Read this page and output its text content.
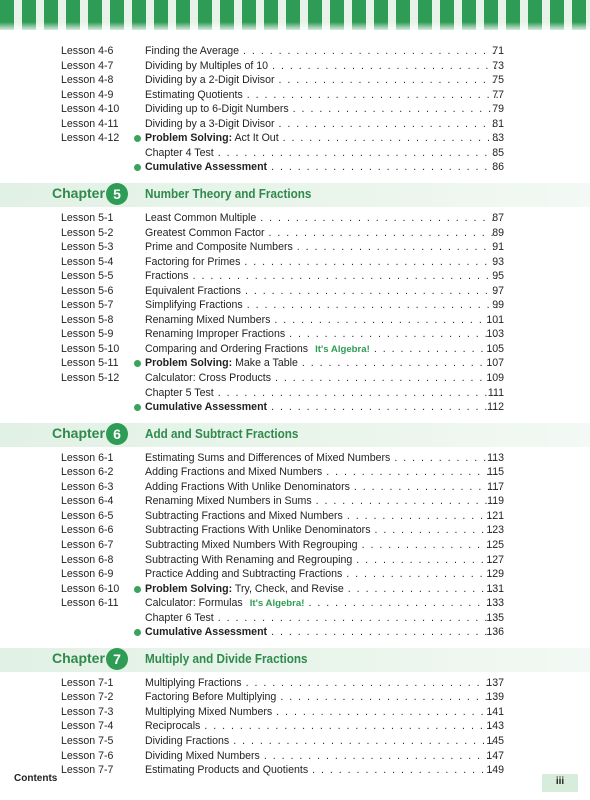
Lesson 4-6	Finding the Average . . .	71
Lesson 4-7	Dividing by Multiples of 10 . . .	73
Lesson 4-8	Dividing by a 2-Digit Divisor . . .	75
Lesson 4-9	Estimating Quotients . . .	77
Lesson 4-10 Dividing up to 6-Digit Numbers . . .	79
Lesson 4-11 Dividing by a 3-Digit Divisor . . .	81
Lesson 4-12 Problem Solving: Act It Out . . .	83
Chapter 4 Test . . .	85
Cumulative Assessment . . .	86
Chapter 5	Number Theory and Fractions
Lesson 5-1	Least Common Multiple . . .	87
Lesson 5-2	Greatest Common Factor . . .	89
Lesson 5-3	Prime and Composite Numbers . . .	91
Lesson 5-4	Factoring for Primes . . .	93
Lesson 5-5	Fractions . . .	95
Lesson 5-6	Equivalent Fractions . . .	97
Lesson 5-7	Simplifying Fractions . . .	99
Lesson 5-8	Renaming Mixed Numbers . . .	101
Lesson 5-9	Renaming Improper Fractions . . .	103
Lesson 5-10 Comparing and Ordering Fractions It's Algebra! . . .	105
Lesson 5-11 Problem Solving: Make a Table . . .	107
Lesson 5-12 Calculator: Cross Products . . .	109
Chapter 5 Test . . .	111
Cumulative Assessment . . .	112
Chapter 6	Add and Subtract Fractions
Lesson 6-1	Estimating Sums and Differences of Mixed Numbers . . .	113
Lesson 6-2	Adding Fractions and Mixed Numbers . . .	115
Lesson 6-3	Adding Fractions With Unlike Denominators . . .	117
Lesson 6-4	Renaming Mixed Numbers in Sums . . .	119
Lesson 6-5	Subtracting Fractions and Mixed Numbers . . .	121
Lesson 6-6	Subtracting Fractions With Unlike Denominators . . .	123
Lesson 6-7	Subtracting Mixed Numbers With Regrouping . . .	125
Lesson 6-8	Subtracting With Renaming and Regrouping . . .	127
Lesson 6-9	Practice Adding and Subtracting Fractions . . .	129
Lesson 6-10 Problem Solving: Try, Check, and Revise . . .	131
Lesson 6-11 Calculator: Formulas It's Algebra! . . .	133
Chapter 6 Test . . .	135
Cumulative Assessment . . .	136
Chapter 7	Multiply and Divide Fractions
Lesson 7-1	Multiplying Fractions . . .	137
Lesson 7-2	Factoring Before Multiplying . . .	139
Lesson 7-3	Multiplying Mixed Numbers . . .	141
Lesson 7-4	Reciprocals . . .	143
Lesson 7-5	Dividing Fractions . . .	145
Lesson 7-6	Dividing Mixed Numbers . . .	147
Lesson 7-7	Estimating Products and Quotients . . .	149
Contents	iii
